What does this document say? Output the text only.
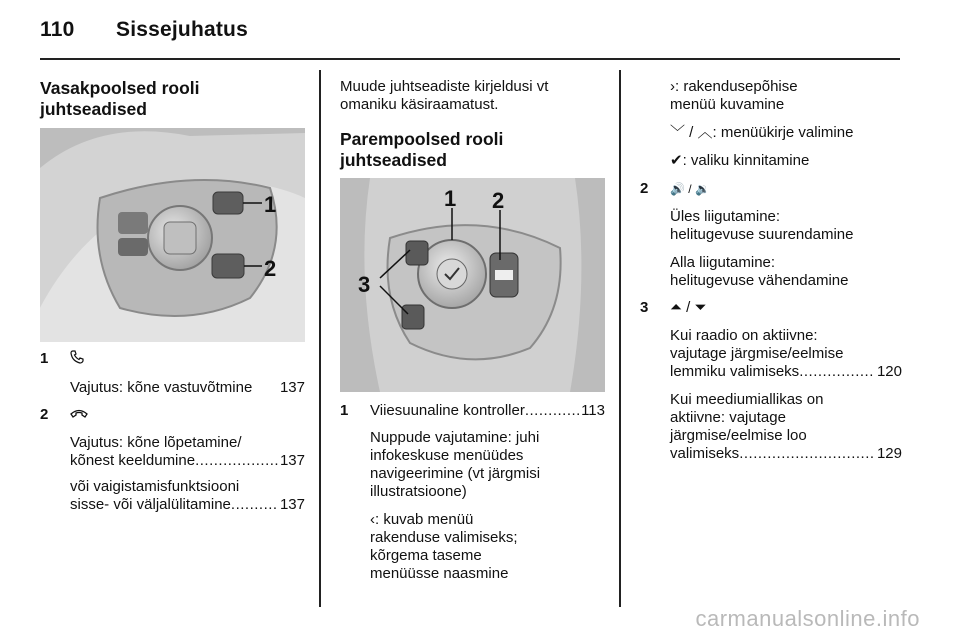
110 Sissejuhatus
Vasakpoolsed rooli
juhtseadised
1
2
1
Vajutus: kõne vastuvõtmine 137
2
Vajutus: kõne lõpetamine/
kõnest keeldumine .....	137
või vaigistamisfunktsiooni
sisse- või väljalülitamine .....	137
Muude juhtseadiste kirjeldusi vt
omaniku käsiraamatust.
Parempoolsed rooli
juhtseadised
1 2
3
1 Viiesuunaline kontroller .....	113
Nuppude vajutamine: juhi
infokeskuse menüüdes
navigeerimine (vt järgmisi
illustratsioone)
‹: kuvab menüü
rakenduse valimiseks;
kõrgema taseme
menüüsse naasmine
›: rakendusepõhise
menüü kuvamine
﹀ / ︿: menüükirje valimine
✔: valiku kinnitamine
2 🔊 / 🔉
Üles liigutamine:
helitugevuse suurendamine
Alla liigutamine:
helitugevuse vähendamine
3 ⏶ / ⏷
Kui raadio on aktiivne:
vajutage järgmise/eelmise
lemmiku valimiseks .....	120
Kui meediumiallikas on
aktiivne: vajutage
järgmise/eelmise loo
valimiseks .....	129
carmanualsonline.info
